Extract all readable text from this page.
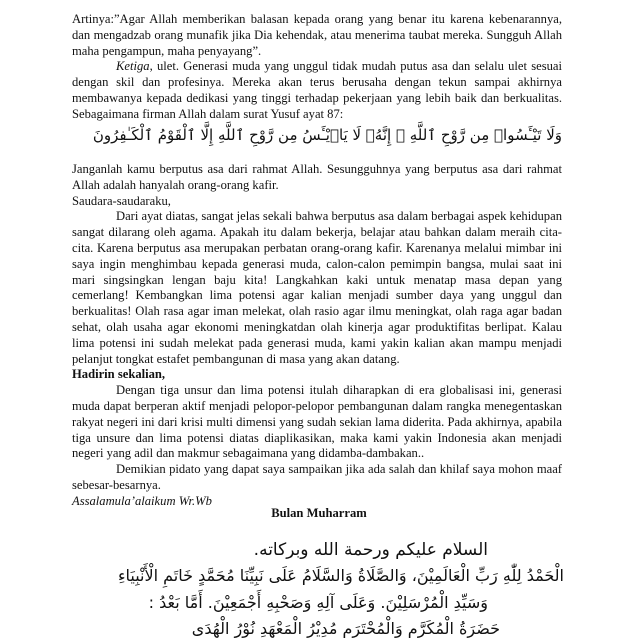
Artinya:”Agar Allah memberikan balasan kepada orang yang benar itu karena kebenarannya, dan mengadzab orang munafik jika Dia kehendak, atau menerima taubat mereka. Sungguh Allah maha pengampun, maha penyayang”.

Ketiga, ulet. Generasi muda yang unggul tidak mudah putus asa dan selalu ulet sesuai dengan skil dan profesinya. Mereka akan terus berusaha dengan tekun sampai akhirnya membawanya kepada dedikasi yang tinggi terhadap pekerjaan yang lebih baik dan berkualitas. Sebagaimana firman Allah dalam surat Yusuf ayat 87:

وَلَا تَيْـَٔسُوا۟ مِن رَّوْحِ ٱللَّهِ ۖ إِنَّهُۥ لَا يَا۟يْـَٔسُ مِن رَّوْحِ ٱللَّهِ إِلَّا ٱلْقَوْمُ ٱلْكَـٰفِرُونَ

Janganlah kamu berputus asa dari rahmat Allah. Sesungguhnya yang berputus asa dari rahmat Allah adalah hanyalah orang-orang kafir.

Saudara-saudaraku,

Dari ayat diatas, sangat jelas sekali bahwa berputus asa dalam berbagai aspek kehidupan sangat dilarang oleh agama. Apakah itu dalam bekerja, belajar atau bahkan dalam meraih cita-cita. Karena berputus asa merupakan perbatan orang-orang kafir. Karenanya melalui mimbar ini saya ingin menghimbau kepada generasi muda, calon-calon pemimpin bangsa, mulai saat ini mari singsingkan lengan baju kita! Langkahkan kaki untuk menatap masa depan yang cemerlang! Kembangkan lima potensi agar kalian menjadi sumber daya yang unggul dan berkualitas! Olah rasa agar iman melekat, olah rasio agar ilmu meningkat, olah raga agar badan sehat, olah usaha agar ekonomi meningkatdan olah kinerja agar produktifitas berlipat. Kalau lima potensi ini sudah melekat pada generasi muda, kami yakin kalian akan mampu menjadi pelanjut tongkat estafet pembangunan di masa yang akan datang.

Hadirin sekalian,

Dengan tiga unsur dan lima potensi itulah diharapkan di era globalisasi ini, generasi muda dapat berperan aktif menjadi pelopor-pelopor pembangunan dalam rangka menegentaskan rakyat negeri ini dari krisi multi dimensi yang sudah sekian lama diderita. Pada akhirnya, apabila tiga unsure dan lima potensi diatas diaplikasikan, maka kami yakin Indonesia akan menjadi negeri yang adil dan makmur sebagaimana yang didamba-dambakan..

Demikian pidato yang dapat saya sampaikan jika ada salah dan khilaf saya mohon maaf sebesar-besarnya.

Assalamula’alaikum Wr.Wb

Bulan Muharram
السلام عليكم ورحمة الله وبركاته.
الْحَمْدُ لِلّٰهِ رَبِّ الْعَالَمِيْنَ، وَالصَّلَاةُ وَالسَّلَامُ عَلَى نَبِيِّنَا مُحَمَّدٍ خَاتَمِ الْأَنْبِيَاءِ
وَسَيِّدِ الْمُرْسَلِيْنَ. وَعَلَى آلِهِ وَصَحْبِهِ أَجْمَعِيْنَ. أَمَّا بَعْدُ :
حَضَرَةُ الْمُكَرَّمِ وَالْمُحْتَرَمِ مُدِيْرُ الْمَعْهَدِ نُوْرُ الْهُدَى
